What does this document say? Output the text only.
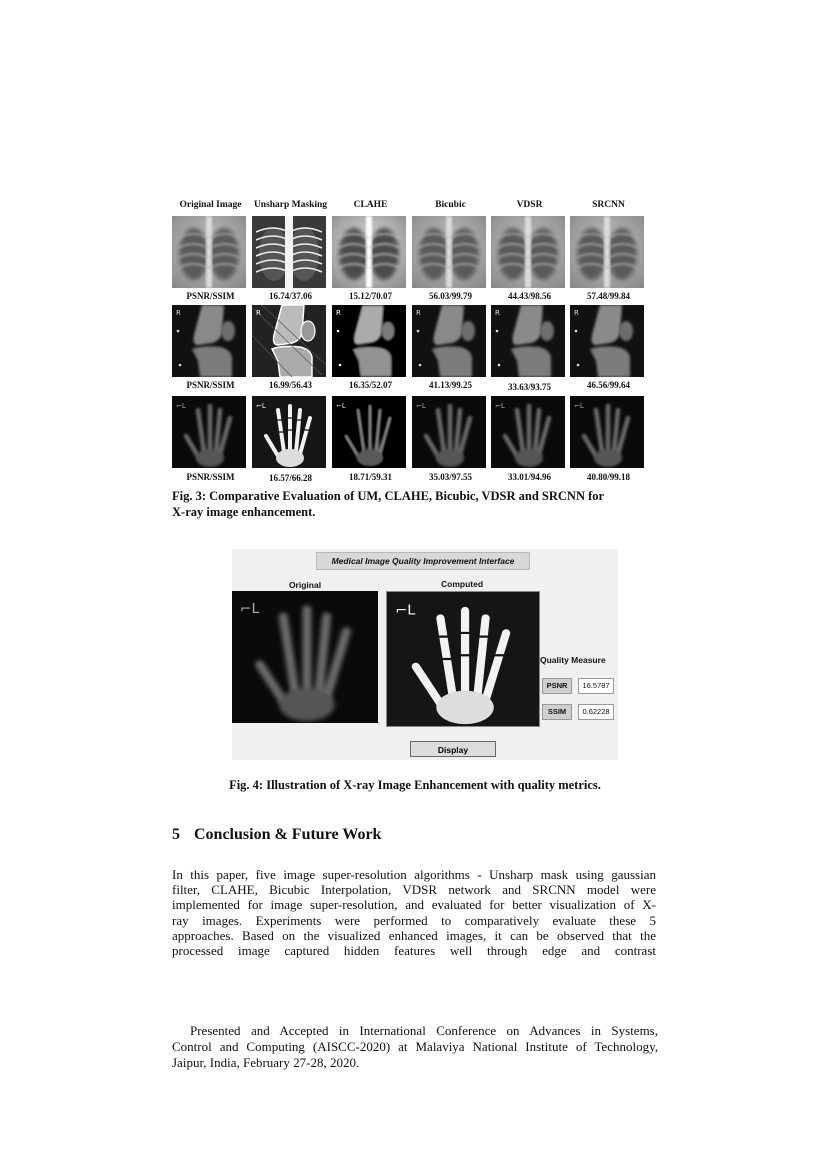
Original Image	Unsharp Masking	CLAHE	Bicubic	VDSR	SRCNN
PSNR/SSIM	16.74/37.06	15.12/70.07	56.03/99.79	44.43/98.56	57.48/99.84
PSNR/SSIM	16.99/56.43	16.35/52.07	41.13/99.25	33.63/93.75	46.56/99.64
PSNR/SSIM	16.57/66.28	18.71/59.31	35.03/97.55	33.01/94.96	40.80/99.18
Fig. 3: Comparative Evaluation of UM, CLAHE, Bicubic, VDSR and SRCNN for
X-ray image enhancement.
Medical Image Quality Improvement Interface
Original	Computed
Quality Measure
PSNR	16.5787
SSIM	0.62228
Display
Fig. 4: Illustration of X-ray Image Enhancement with quality metrics.
5 Conclusion & Future Work
In this paper, five image super-resolution algorithms - Unsharp mask using gaussian
filter, CLAHE, Bicubic Interpolation, VDSR network and SRCNN model were
implemented for image super-resolution, and evaluated for better visualization of X-
ray images. Experiments were performed to comparatively evaluate these 5
approaches. Based on the visualized enhanced images, it can be observed that the
processed image captured hidden features well through edge and contrast
Presented and Accepted in International Conference on Advances in Systems,
Control and Computing (AISCC-2020) at Malaviya National Institute of Technology,
Jaipur, India, February 27-28, 2020.
